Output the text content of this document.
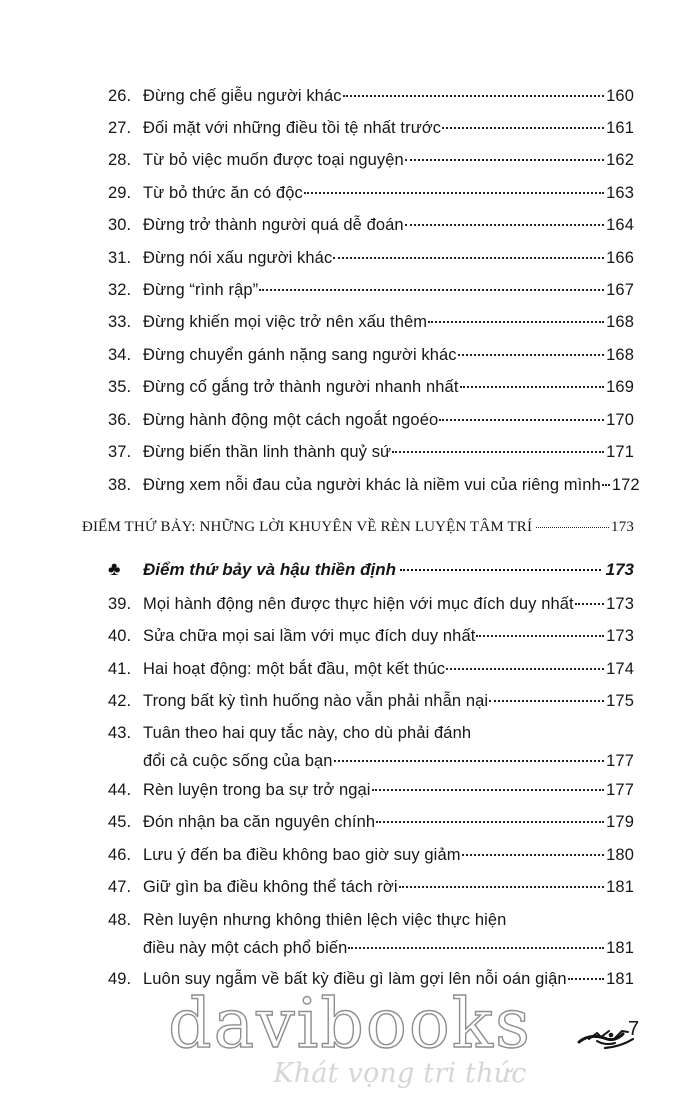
26. Đừng chế giễu người khác	160
27. Đối mặt với những điều tồi tệ nhất trước	161
28. Từ bỏ việc muốn được toại nguyện	162
29. Từ bỏ thức ăn có độc	163
30. Đừng trở thành người quá dễ đoán	164
31. Đừng nói xấu người khác	166
32. Đừng “rình rập”	167
33. Đừng khiến mọi việc trở nên xấu thêm	168
34. Đừng chuyển gánh nặng sang người khác	168
35. Đừng cố gắng trở thành người nhanh nhất	169
36. Đừng hành động một cách ngoắt ngoéo	170
37. Đừng biến thần linh thành quỷ sứ	171
38. Đừng xem nỗi đau của người khác là niềm vui của riêng mình 172
ĐIỂM THỨ BẢY: NHỮNG LỜI KHUYÊN VỀ RÈN LUYỆN TÂM TRÍ	173
♣	Điểm thứ bảy và hậu thiền định	173
39. Mọi hành động nên được thực hiện với mục đích duy nhất 173
40. Sửa chữa mọi sai lầm với mục đích duy nhất	173
41. Hai hoạt động: một bắt đầu, một kết thúc	174
42. Trong bất kỳ tình huống nào vẫn phải nhẫn nại	175
43. Tuân theo hai quy tắc này, cho dù phải đánh
đổi cả cuộc sống của bạn	177
44. Rèn luyện trong ba sự trở ngại	177
45. Đón nhận ba căn nguyên chính	179
46. Lưu ý đến ba điều không bao giờ suy giảm	180
47. Giữ gìn ba điều không thể tách rời	181
48. Rèn luyện nhưng không thiên lệch việc thực hiện
điều này một cách phổ biến	181
49. Luôn suy ngẫm về bất kỳ điều gì làm gợi lên nỗi oán giận 181
davibooks
Khát vọng tri thức
7
